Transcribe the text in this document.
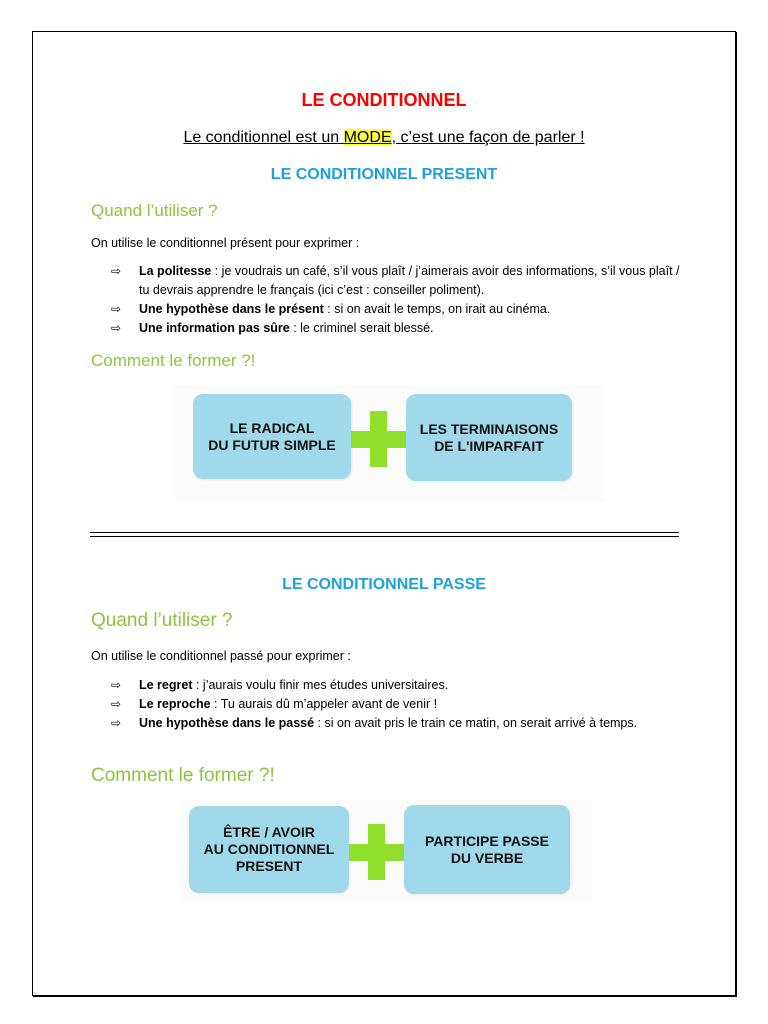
LE CONDITIONNEL
Le conditionnel est un MODE, c’est une façon de parler !
LE CONDITIONNEL PRESENT
Quand l’utiliser ?
On utilise le conditionnel présent pour exprimer :
⇨ La politesse : je voudrais un café, s’il vous plaît / j’aimerais avoir des informations, s’il vous plaît / tu devrais apprendre le français (ici c’est : conseiller poliment).
⇨ Une hypothèse dans le présent : si on avait le temps, on irait au cinéma.
⇨ Une information pas sûre : le criminel serait blessé.
Comment le former ?!
LE RADICAL
DU FUTUR SIMPLE
LES TERMINAISONS
DE L'IMPARFAIT
LE CONDITIONNEL PASSE
Quand l’utiliser ?
On utilise le conditionnel passé pour exprimer :
⇨ Le regret : j’aurais voulu finir mes études universitaires.
⇨ Le reproche : Tu aurais dû m’appeler avant de venir !
⇨ Une hypothèse dans le passé : si on avait pris le train ce matin, on serait arrivé à temps.
Comment le former ?!
ÊTRE / AVOIR
AU CONDITIONNEL
PRESENT
PARTICIPE PASSE
DU VERBE
